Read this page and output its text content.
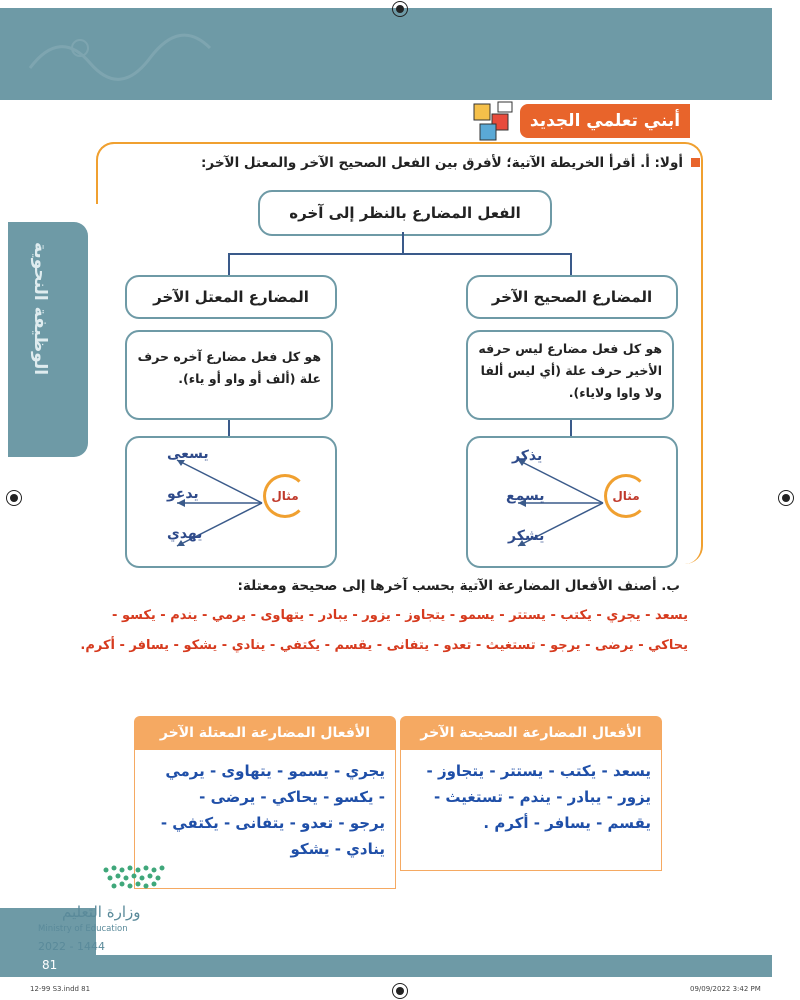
أبني تعلمي الجديد
الوظيفة النحوية
أولا: أ. أقرأ الخريطة الآتية؛ لأفرق بين الفعل الصحيح الآخر والمعتل الآخر:
الفعل المضارع بالنظر إلى آخره
المضارع الصحيح الآخر
المضارع المعتل الآخر
هو كل فعل مضارع ليس حرفه الأخير حرف علة (أي ليس ألفا ولا واوا ولاياء).
هو كل فعل مضارع آخره حرف علة (ألف أو واو أو ياء).
مثال
يذكر
يسمع
يشكر
مثال
يسعى
يدعو
يهدي
ب. أصنف الأفعال المضارعة الآتية بحسب آخرها إلى صحيحة ومعتلة:
يسعد - يجري - يكتب - يستتر - يسمو - يتجاوز - يزور - يبادر - يتهاوى - يرمي - يندم - يكسو -
يحاكي - يرضى - يرجو - تستغيث - تعدو - يتفانى - يقسم - يكتفي - ينادي - يشكو - يسافر - أكرم.
الأفعال المضارعة الصحيحة الآخر
يسعد - يكتب - يستتر - يتجاوز -
يزور - يبادر - يندم - تستغيث -
يقسم - يسافر - أكرم .
الأفعال المضارعة المعتلة الآخر
يجري - يسمو - يتهاوى - يرمي
- يكسو - يحاكي - يرضى -
يرجو - تعدو - يتفانى - يكتفي -
ينادي - يشكو
وزارة التعليم
Ministry of Education
2022 - 1444
81
12-99 S3.indd 81	09/09/2022 3:42 PM
